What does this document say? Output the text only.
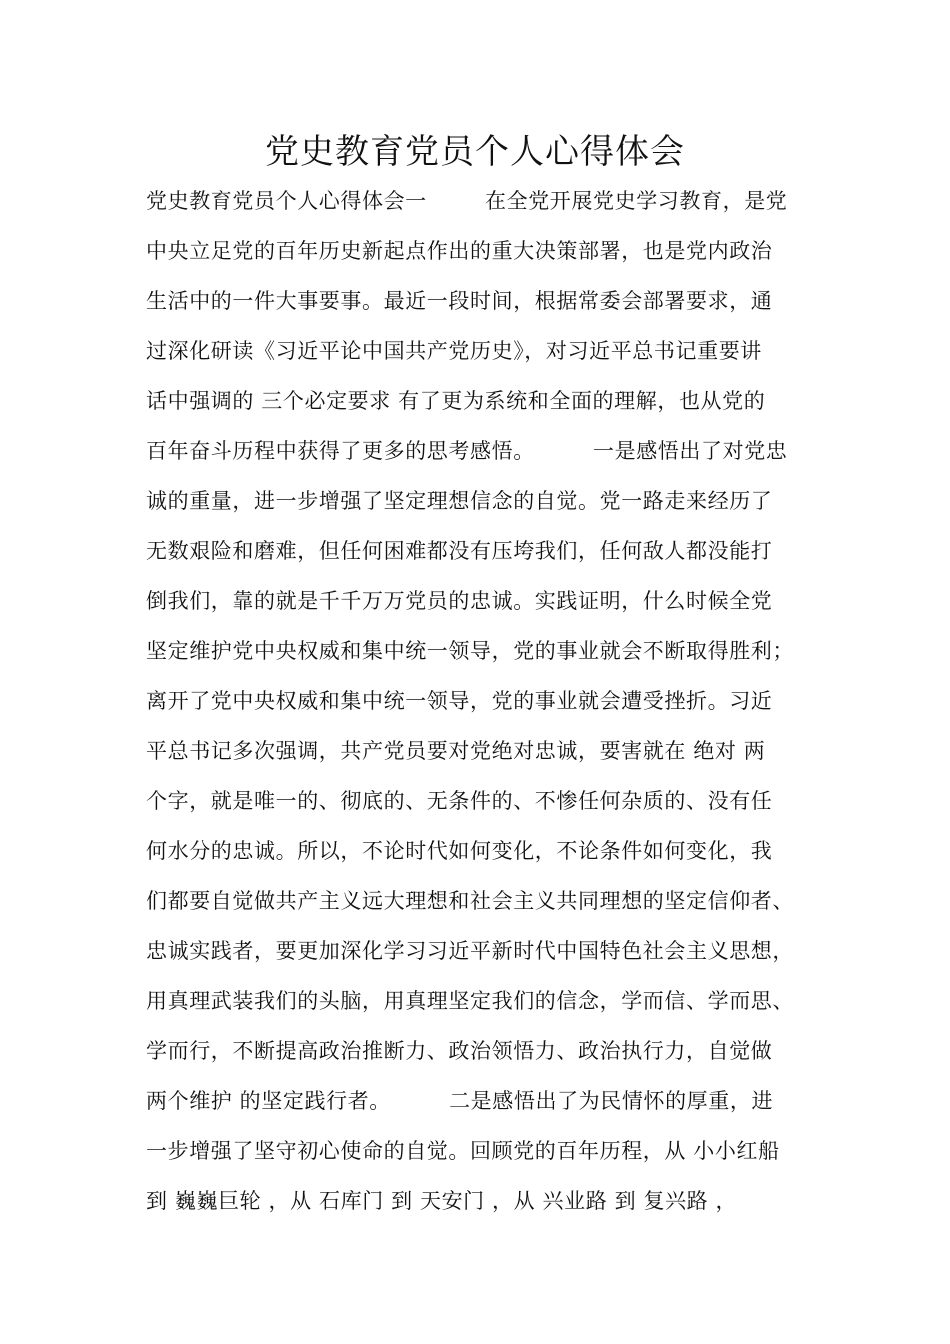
党史教育党员个人心得体会
党史教育党员个人心得体会一        在全党开展党史学习教育，是党
中央立足党的百年历史新起点作出的重大决策部署，也是党内政治
生活中的一件大事要事。最近一段时间，根据常委会部署要求，通
过深化研读《习近平论中国共产党历史》，对习近平总书记重要讲
话中强调的 三个必定要求 有了更为系统和全面的理解，也从党的
百年奋斗历程中获得了更多的思考感悟。        一是感悟出了对党忠
诚的重量，进一步增强了坚定理想信念的自觉。党一路走来经历了
无数艰险和磨难，但任何困难都没有压垮我们，任何敌人都没能打
倒我们，靠的就是千千万万党员的忠诚。实践证明，什么时候全党
坚定维护党中央权威和集中统一领导，党的事业就会不断取得胜利；
离开了党中央权威和集中统一领导，党的事业就会遭受挫折。习近
平总书记多次强调，共产党员要对党绝对忠诚，要害就在 绝对 两
个字，就是唯一的、彻底的、无条件的、不惨任何杂质的、没有任
何水分的忠诚。所以，不论时代如何变化，不论条件如何变化，我
们都要自觉做共产主义远大理想和社会主义共同理想的坚定信仰者、
忠诚实践者，要更加深化学习习近平新时代中国特色社会主义思想，
用真理武装我们的头脑，用真理坚定我们的信念，学而信、学而思、
学而行，不断提高政治推断力、政治领悟力、政治执行力，自觉做
两个维护 的坚定践行者。        二是感悟出了为民情怀的厚重，进
一步增强了坚守初心使命的自觉。回顾党的百年历程，从 小小红船
到 巍巍巨轮 ，从 石库门 到 天安门 ，从 兴业路 到 复兴路 ，
